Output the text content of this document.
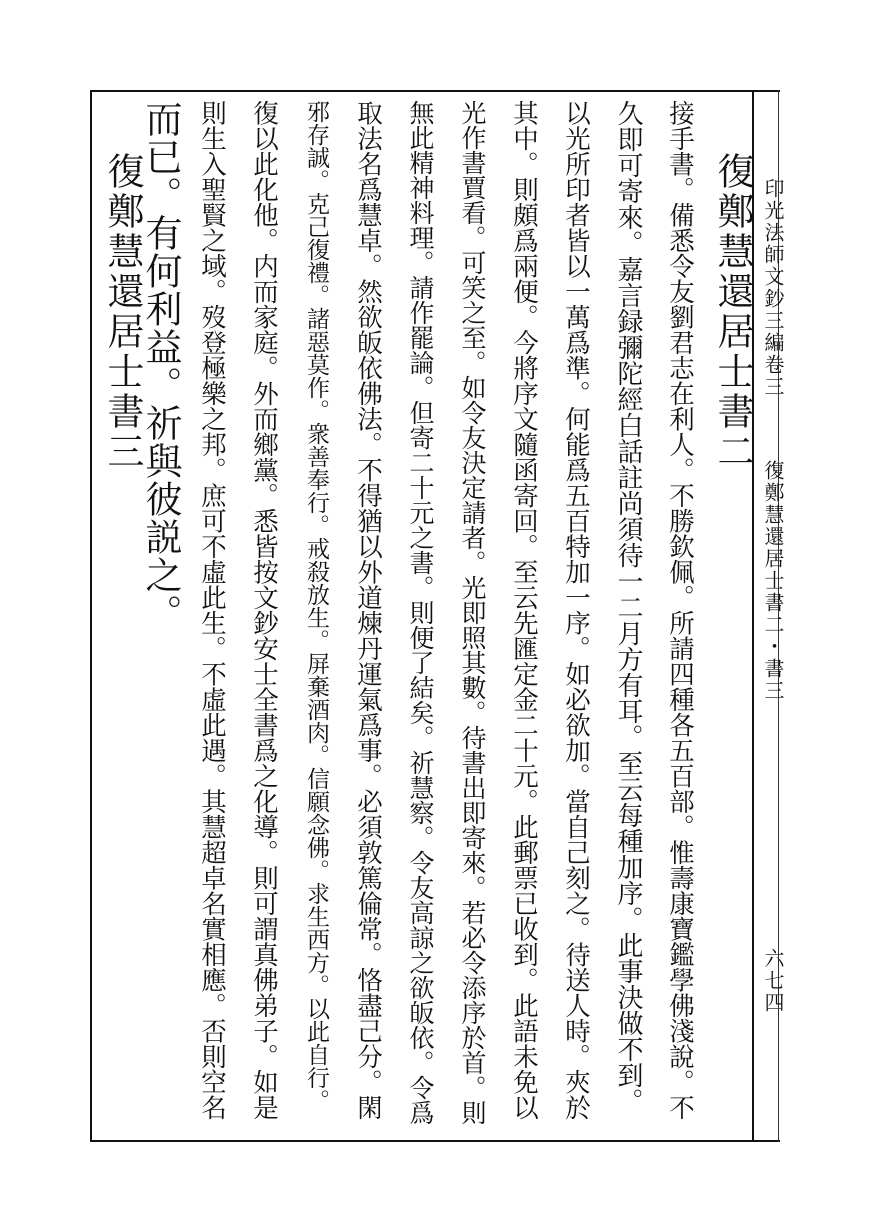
印光法師文鈔三編卷三
復鄭慧還居士書二・書三
六七四
復鄭慧還居士書二
接手書。備悉令友劉君志在利人。不勝欽佩。所請四種各五百部。惟壽康寶鑑學佛淺說。不
久即可寄來。嘉言録彌陀經白話註尚須待一二月方有耳。至云每種加序。此事決做不到。
以光所印者皆以一萬爲準。何能爲五百特加一序。如必欲加。當自己刻之。待送人時。夾於
其中。則頗爲兩便。今將序文隨函寄回。至云先匯定金二十元。此郵票已收到。此語未免以
光作書賈看。可笑之至。如令友決定請者。光即照其數。待書出即寄來。若必令添序於首。則
無此精神料理。請作罷論。但寄二十元之書。則便了結矣。祈慧察。令友高諒之欲皈依。令爲
取法名爲慧卓。然欲皈依佛法。不得猶以外道煉丹運氣爲事。必須敦篤倫常。恪盡己分。閑
邪存誠。克己復禮。諸惡莫作。衆善奉行。戒殺放生。屏棄酒肉。信願念佛。求生西方。以此自行。
復以此化他。内而家庭。外而鄉黨。悉皆按文鈔安士全書爲之化導。則可謂真佛弟子。如是
則生入聖賢之域。歿登極樂之邦。庶可不虛此生。不虛此遇。其慧超卓名實相應。否則空名
而已。有何利益。祈與彼説之。
復鄭慧還居士書三
